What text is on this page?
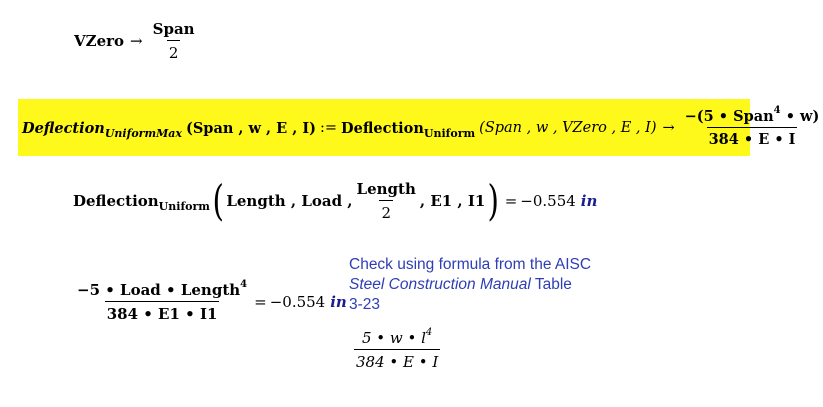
VZero → $\frac{\text{Span}}{2}$
Deflection UniformMax (Span , w , E , I) := Deflection Uniform (Span , w , VZero , E , $I) \to \frac{-(5 • Span^4 • w)}{384 • E • I}$
Deflection Uniform ( Length , Load , $\frac{\text{Length}}{2}$ , E1 , I1 ) = −0.554 in
$\frac{-5 • Load • Length^4}{384 • E1 • I1} = -0.554$ in
Check using formula from the AISC
Steel Construction Manual Table
3-23
$\frac{5 • w • l^4}{384 • E • I}$
